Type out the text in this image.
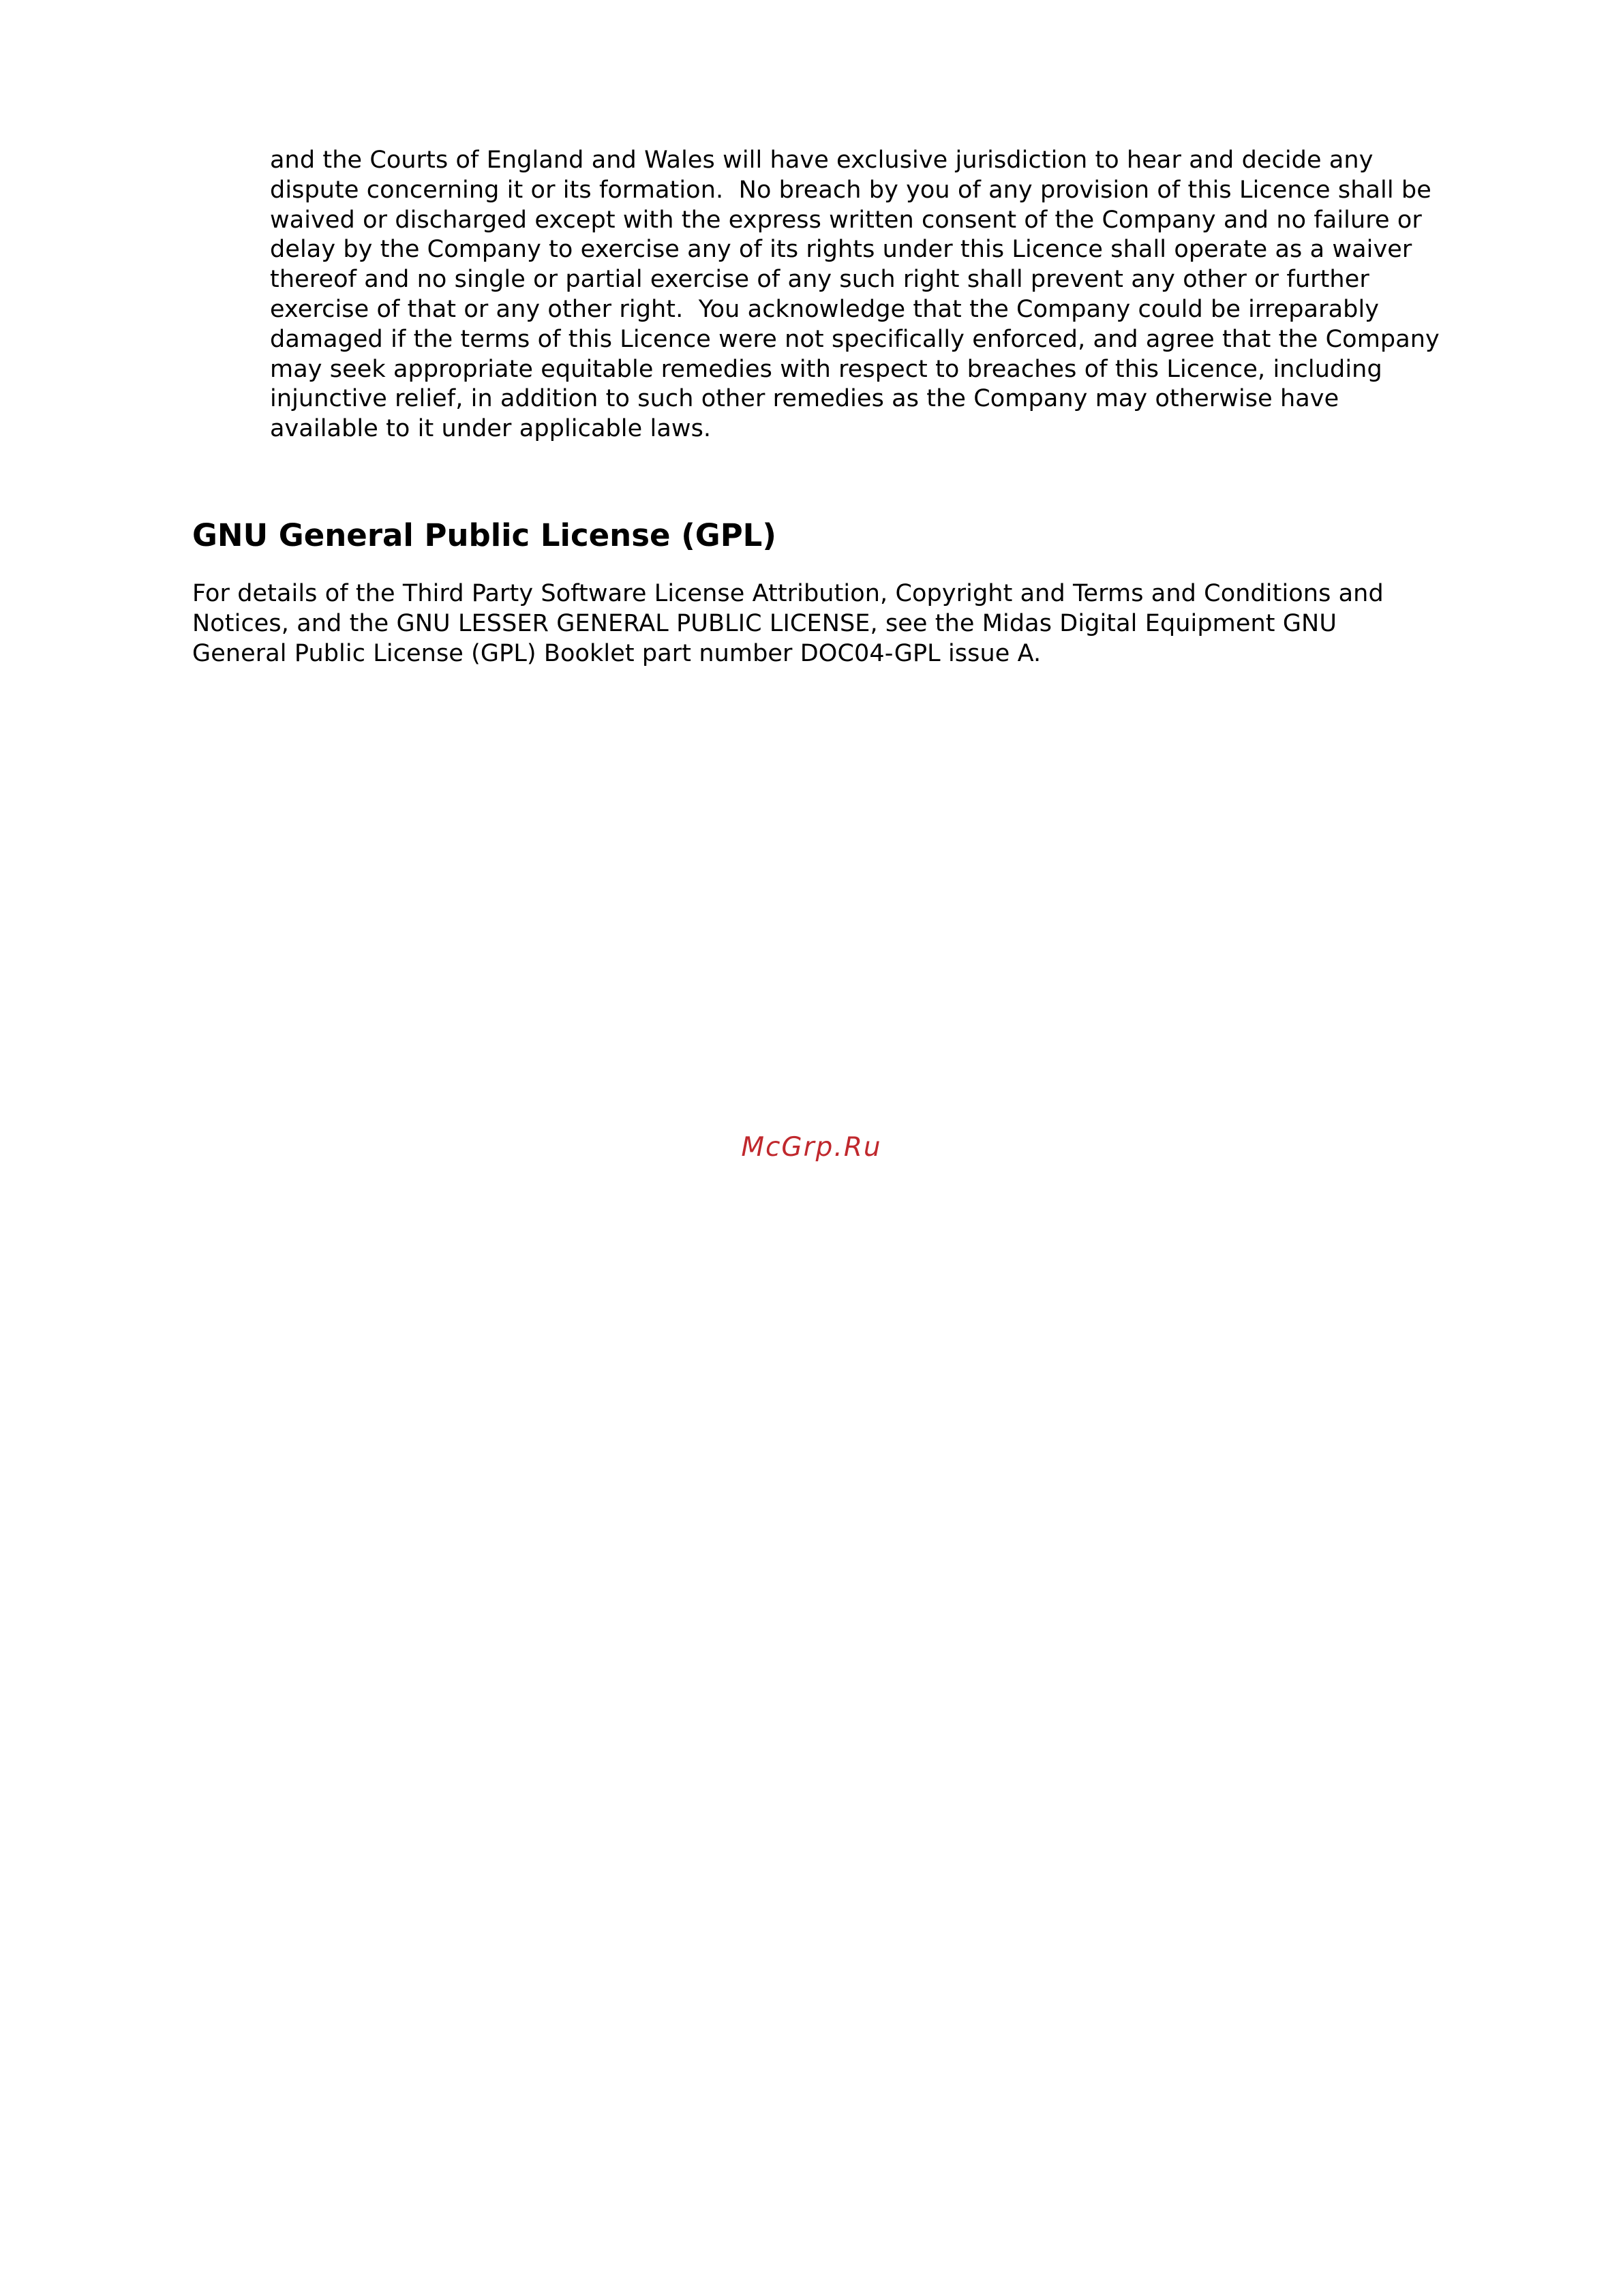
and the Courts of England and Wales will have exclusive jurisdiction to hear and decide any
dispute concerning it or its formation.  No breach by you of any provision of this Licence shall be
waived or discharged except with the express written consent of the Company and no failure or
delay by the Company to exercise any of its rights under this Licence shall operate as a waiver
thereof and no single or partial exercise of any such right shall prevent any other or further
exercise of that or any other right.  You acknowledge that the Company could be irreparably
damaged if the terms of this Licence were not specifically enforced, and agree that the Company
may seek appropriate equitable remedies with respect to breaches of this Licence, including
injunctive relief, in addition to such other remedies as the Company may otherwise have
available to it under applicable laws.
GNU General Public License (GPL)
For details of the Third Party Software License Attribution, Copyright and Terms and Conditions and
Notices, and the GNU LESSER GENERAL PUBLIC LICENSE, see the Midas Digital Equipment GNU
General Public License (GPL) Booklet part number DOC04-GPL issue A.
McGrp.Ru
